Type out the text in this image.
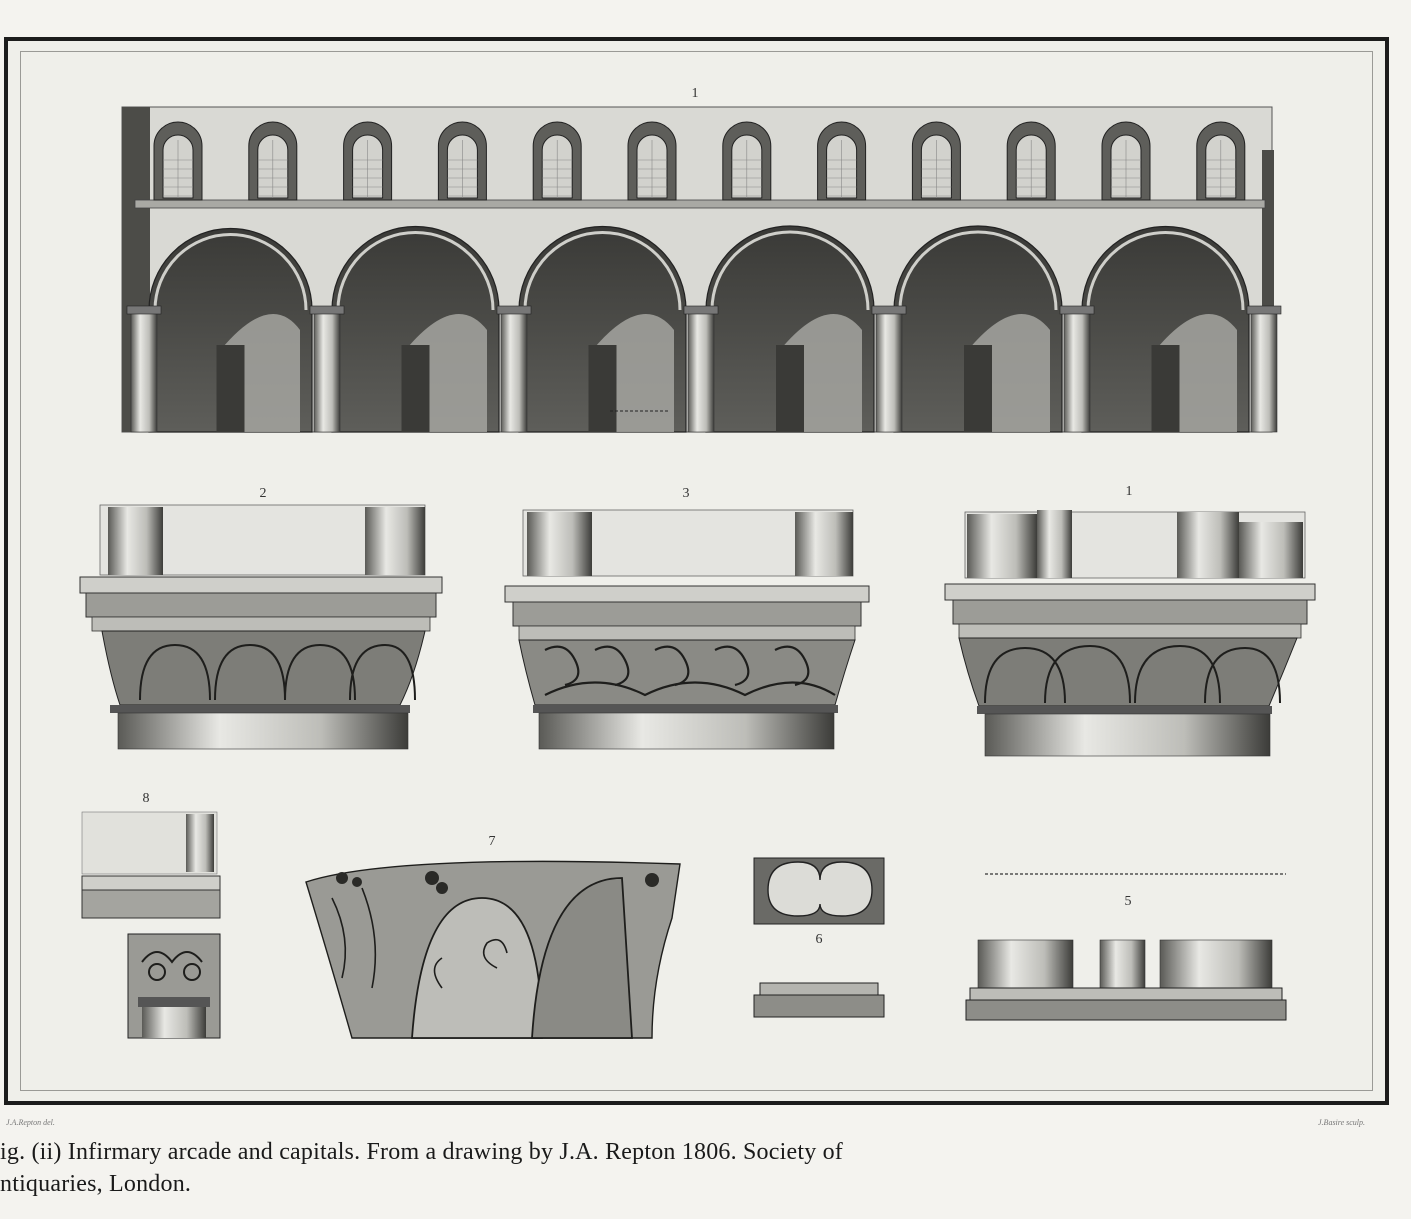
1
2	3	1
8
7
6
5
J.A.Repton del.	J.Basire sculp.
ig. (ii) Infirmary arcade and capitals. From a drawing by J.A. Repton 1806. Society of
ntiquaries, London.
